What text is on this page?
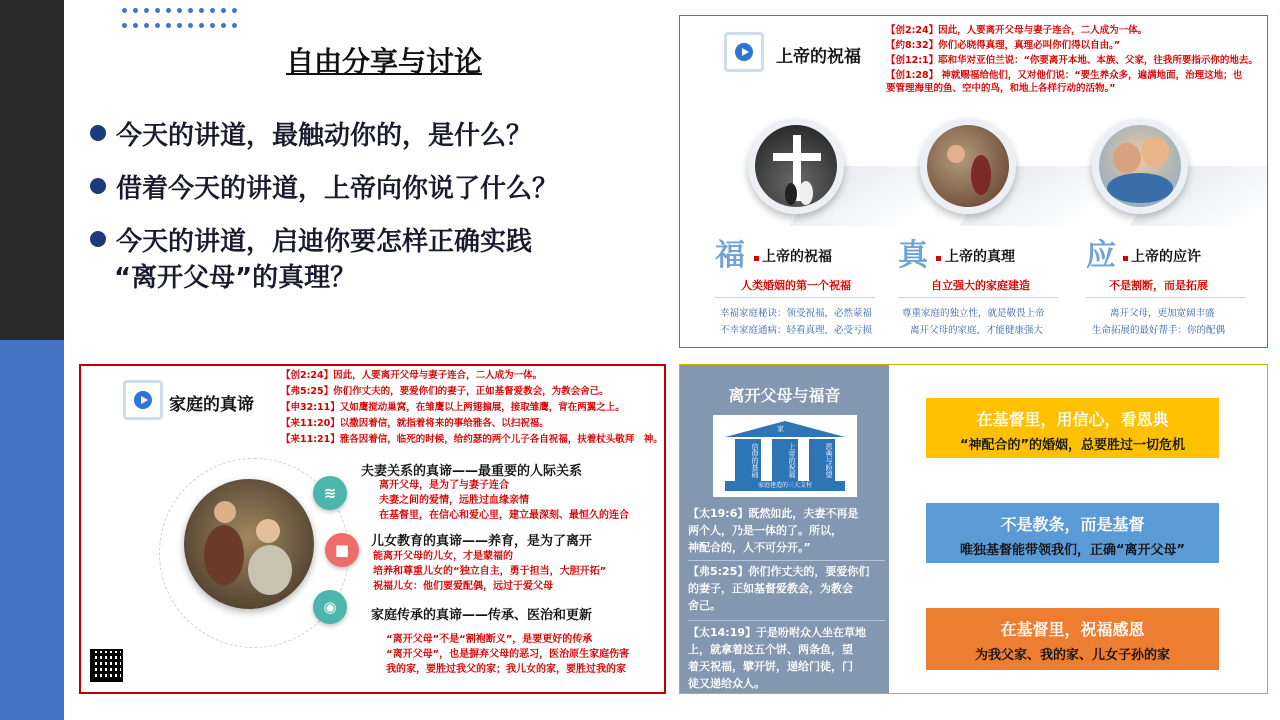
自由分享与讨论
今天的讲道，最触动你的，是什么？
借着今天的讲道，上帝向你说了什么？
今天的讲道，启迪你要怎样正确实践
“离开父母”的真理？
上帝的祝福
【创2:24】因此，人要离开父母与妻子连合，二人成为一体。
【约8:32】你们必晓得真理，真理必叫你们得以自由。”
【创12:1】耶和华对亚伯兰说：“你要离开本地、本族、父家，往我所要指示你的地去。
【创1:28】 神就赐福给他们，又对他们说：“要生养众多，遍满地面，治理这地；也
要管理海里的鱼、空中的鸟，和地上各样行动的活物。”
福 上帝的祝福
人类婚姻的第一个祝福
幸福家庭秘诀：领受祝福，必然蒙福
不幸家庭通病：轻看真理，必受亏损
真 上帝的真理
自立强大的家庭建造
尊重家庭的独立性，就是敬畏上帝
离开父母的家庭，才能健康强大
应 上帝的应许
不是割断，而是拓展
离开父母，更加宽阔丰盛
生命拓展的最好帮手：你的配偶
家庭的真谛
【创2:24】因此，人要离开父母与妻子连合，二人成为一体。
【弗5:25】你们作丈夫的，要爱你们的妻子，正如基督爱教会，为教会舍己。
【申32:11】又如鹰搅动巢窝，在雏鹰以上两翅搧展，接取雏鹰，背在两翼之上。
【来11:20】以撒因着信，就指着将来的事给雅各、以扫祝福。
【来11:21】雅各因着信，临死的时候，给约瑟的两个儿子各自祝福，扶着杖头敬拜　神。
≋
■
◉
夫妻关系的真谛——最重要的人际关系
离开父母，是为了与妻子连合
夫妻之间的爱情，远胜过血缘亲情
在基督里，在信心和爱心里，建立最深刻、最恒久的连合
儿女教育的真谛——养育，是为了离开
能离开父母的儿女，才是蒙福的
培养和尊重儿女的“独立自主，勇于担当，大胆开拓”
祝福儿女：他们要爱配偶，远过于爱父母
家庭传承的真谛——传承、医治和更新
“离开父母”不是“割袍断义”，是要更好的传承
“离开父母”，也是摒弃父母的恶习，医治原生家庭伤害
我的家，要胜过我父的家；我儿女的家，要胜过我的家
离开父母与福音
家
信仰的基础	上帝的祝福	恩典与盼望
家庭建造的三大支柱
【太19:6】既然如此，夫妻不再是
两个人，乃是一体的了。所以，
神配合的，人不可分开。”
【弗5:25】你们作丈夫的，要爱你们
的妻子，正如基督爱教会，为教会
舍己。
【太14:19】于是吩咐众人坐在草地
上，就拿着这五个饼、两条鱼，望
着天祝福，擘开饼，递给门徒，门
徒又递给众人。
在基督里，用信心，看恩典
“神配合的”的婚姻，总要胜过一切危机
不是教条，而是基督
唯独基督能带领我们，正确“离开父母”
在基督里，祝福感恩
为我父家、我的家、儿女子孙的家
